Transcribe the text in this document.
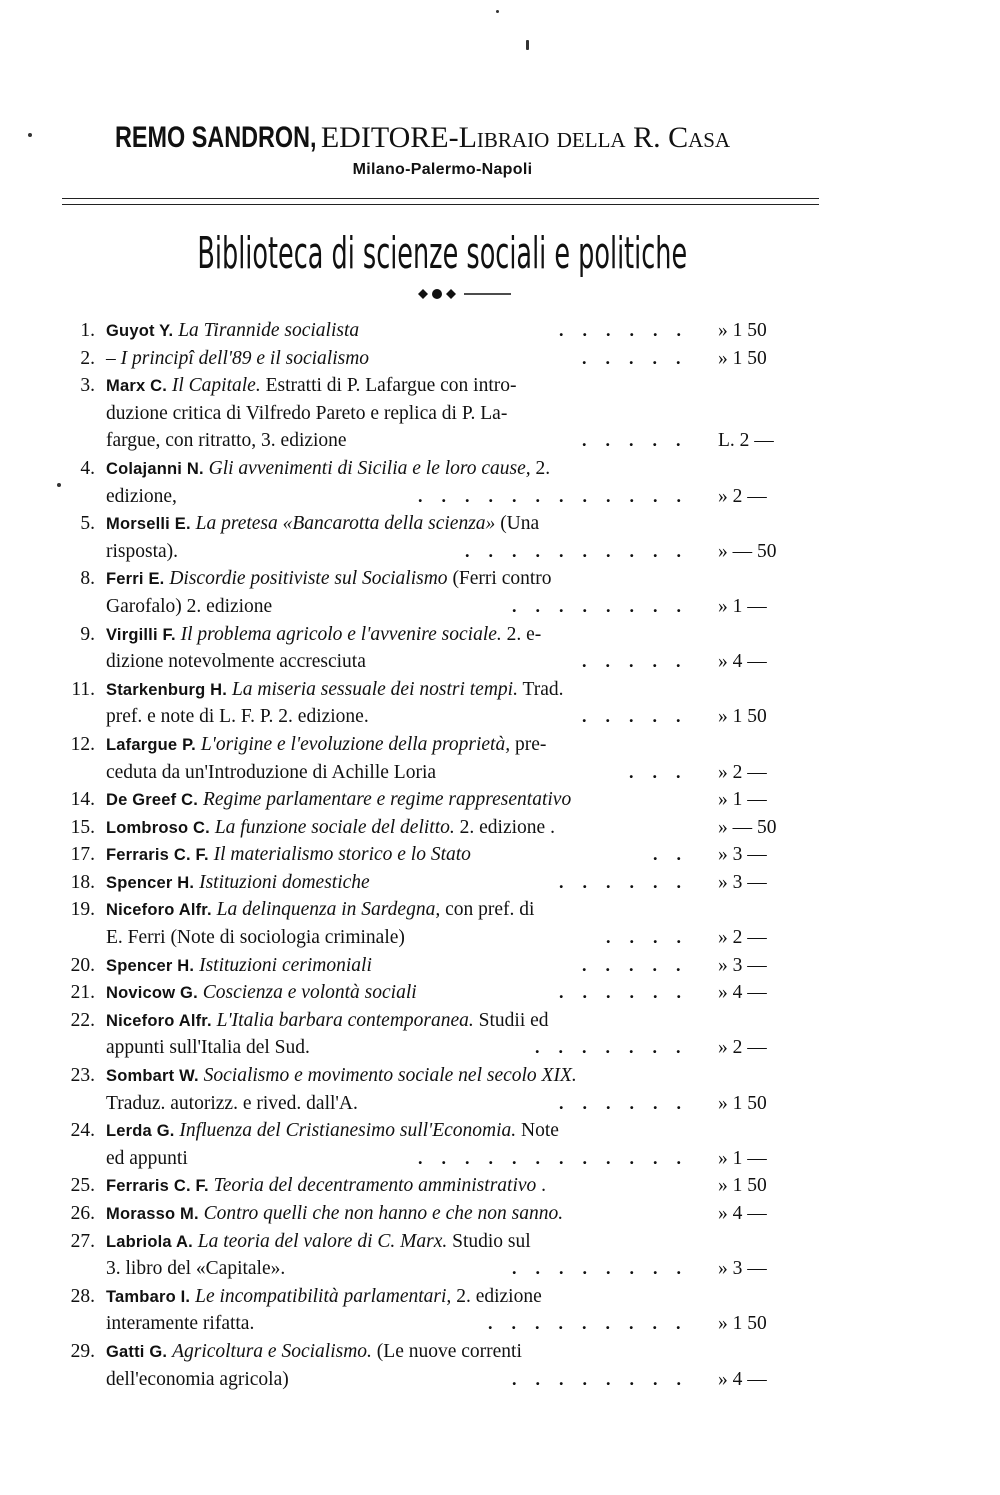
REMO SANDRON, EDITORE-Libraio della R. Casa
Milano-Palermo-Napoli
Biblioteca di scienze sociali e politiche
1. Guyot Y. La Tirannide socialista	...... » 1 50
2. – I principî dell'89 e il socialismo	..... » 1 50
3. Marx C. Il Capitale. Estratti di P. Lafargue con intro-
duzione critica di Vilfredo Pareto e replica di P. La-
fargue, con ritratto, 3. edizione	..... L. 2 —
4. Colajanni N. Gli avvenimenti di Sicilia e le loro cause, 2.
edizione,	............ » 2 —
5. Morselli E. La pretesa «Bancarotta della scienza» (Una
risposta).	.......... » — 50
8. Ferri E. Discordie positiviste sul Socialismo (Ferri contro
Garofalo) 2. edizione	........ » 1 —
9. Virgilli F. Il problema agricolo e l'avvenire sociale. 2. e-
dizione notevolmente accresciuta	..... » 4 —
11. Starkenburg H. La miseria sessuale dei nostri tempi. Trad.
pref. e note di L. F. P. 2. edizione.	..... » 1 50
12. Lafargue P. L'origine e l'evoluzione della proprietà, pre-
ceduta da un'Introduzione di Achille Loria	... » 2 —
14. De Greef C. Regime parlamentare e regime rappresentativo	» 1 —
15. Lombroso C. La funzione sociale del delitto. 2. edizione .	» — 50
17. Ferraris C. F. Il materialismo storico e lo Stato	.. » 3 —
18. Spencer H. Istituzioni domestiche	...... » 3 —
19. Niceforo Alfr. La delinquenza in Sardegna, con pref. di
E. Ferri (Note di sociologia criminale)	.... » 2 —
20. Spencer H. Istituzioni cerimoniali	..... » 3 —
21. Novicow G. Coscienza e volontà sociali	...... » 4 —
22. Niceforo Alfr. L'Italia barbara contemporanea. Studii ed
appunti sull'Italia del Sud.	....... » 2 —
23. Sombart W. Socialismo e movimento sociale nel secolo XIX.
Traduz. autorizz. e rived. dall'A.	...... » 1 50
24. Lerda G. Influenza del Cristianesimo sull'Economia. Note
ed appunti	............ » 1 —
25. Ferraris C. F. Teoria del decentramento amministrativo .	» 1 50
26. Morasso M. Contro quelli che non hanno e che non sanno.	» 4 —
27. Labriola A. La teoria del valore di C. Marx. Studio sul
3. libro del «Capitale».	........ » 3 —
28. Tambaro I. Le incompatibilità parlamentari, 2. edizione
interamente rifatta.	......... » 1 50
29. Gatti G. Agricoltura e Socialismo. (Le nuove correnti
dell'economia agricola)	........ » 4 —
